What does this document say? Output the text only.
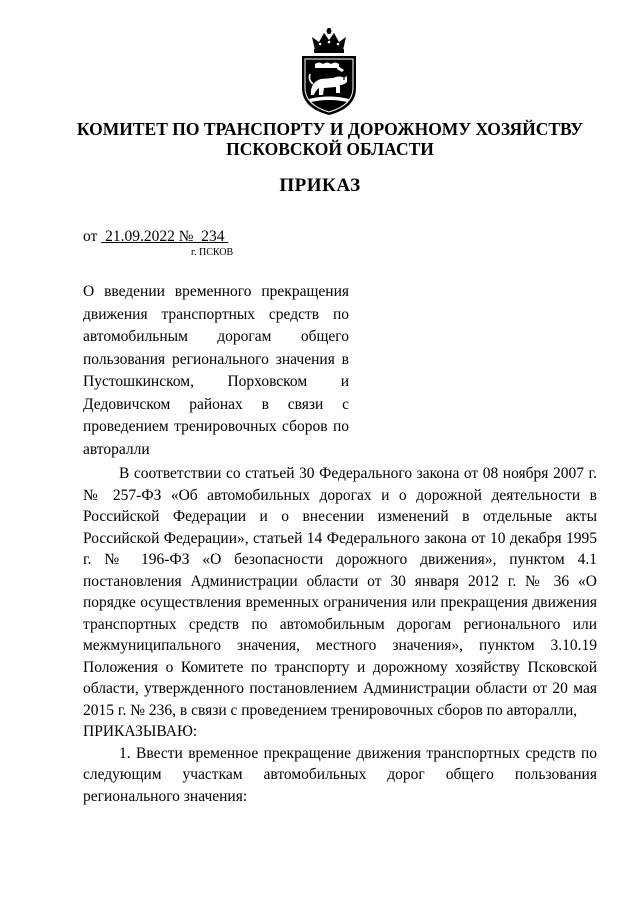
КОМИТЕТ ПО ТРАНСПОРТУ И ДОРОЖНОМУ ХОЗЯЙСТВУ
ПСКОВСКОЙ ОБЛАСТИ
ПРИКАЗ
от 21.09.2022 № 234
г. ПСКОВ
О введении временного прекращения движения транспортных средств по автомобильным дорогам общего пользования регионального значения в Пустошкинском, Порховском и Дедовичском районах в связи с проведением тренировочных сборов по авторалли

В соответствии со статьей 30 Федерального закона от 08 ноября 2007 г. № 257-ФЗ «Об автомобильных дорогах и о дорожной деятельности в Российской Федерации и о внесении изменений в отдельные акты Российской Федерации», статьей 14 Федерального закона от 10 декабря 1995 г. № 196-ФЗ «О безопасности дорожного движения», пунктом 4.1 постановления Администрации области от 30 января 2012 г. № 36 «О порядке осуществления временных ограничения или прекращения движения транспортных средств по автомобильным дорогам регионального или межмуниципального значения, местного значения», пунктом 3.10.19 Положения о Комитете по транспорту и дорожному хозяйству Псковской области, утвержденного постановлением Администрации области от 20 мая 2015 г. № 236, в связи с проведением тренировочных сборов по авторалли,

ПРИКАЗЫВАЮ:

1. Ввести временное прекращение движения транспортных средств по следующим участкам автомобильных дорог общего пользования регионального значения:
